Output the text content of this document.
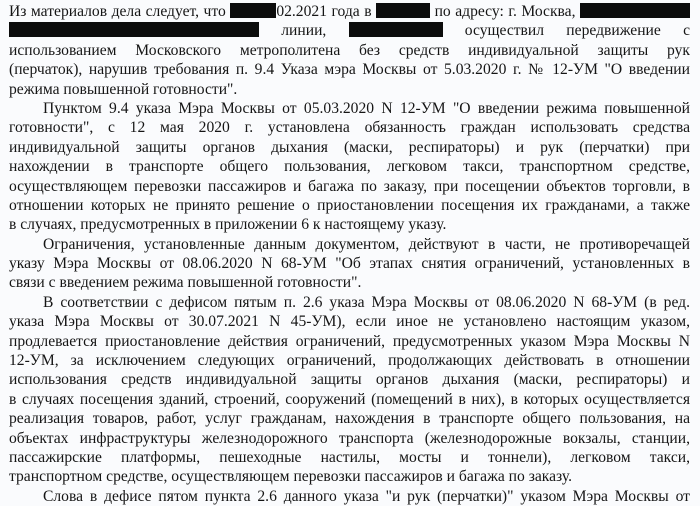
Из материалов дела следует, что	02.2021 года в	по адресу: г. Москва,
линии,	осуществил передвижение с
использованием Московского метрополитена без средств индивидуальной защиты рук
(перчаток), нарушив требования п. 9.4 Указа мэра Москвы от 5.03.2020 г. № 12-УМ "О введении
режима повышенной готовности".
Пунктом 9.4 указа Мэра Москвы от 05.03.2020 N 12-УМ "О введении режима повышенной
готовности", с 12 мая 2020 г. установлена обязанность граждан использовать средства
индивидуальной защиты органов дыхания (маски, респираторы) и рук (перчатки) при
нахождении в транспорте общего пользования, легковом такси, транспортном средстве,
осуществляющем перевозки пассажиров и багажа по заказу, при посещении объектов торговли, в
отношении которых не принято решение о приостановлении посещения их гражданами, а также
в случаях, предусмотренных в приложении 6 к настоящему указу.
Ограничения, установленные данным документом, действуют в части, не противоречащей
указу Мэра Москвы от 08.06.2020 N 68-УМ "Об этапах снятия ограничений, установленных в
связи с введением режима повышенной готовности".
В соответствии с дефисом пятым п. 2.6 указа Мэра Москвы от 08.06.2020 N 68-УМ (в ред.
указа Мэра Москвы от 30.07.2021 N 45-УМ), если иное не установлено настоящим указом,
продлевается приостановление действия ограничений, предусмотренных указом Мэра Москвы N
12-УМ, за исключением следующих ограничений, продолжающих действовать в отношении
использования средств индивидуальной защиты органов дыхания (маски, респираторы) и
в случаях посещения зданий, строений, сооружений (помещений в них), в которых осуществляется
реализация товаров, работ, услуг гражданам, нахождения в транспорте общего пользования, на
объектах инфраструктуры железнодорожного транспорта (железнодорожные вокзалы, станции,
пассажирские платформы, пешеходные настилы, мосты и тоннели), легковом такси,
транспортном средстве, осуществляющем перевозки пассажиров и багажа по заказу.
Слова в дефисе пятом пункта 2.6 данного указа "и рук (перчатки)" указом Мэра Москвы от
